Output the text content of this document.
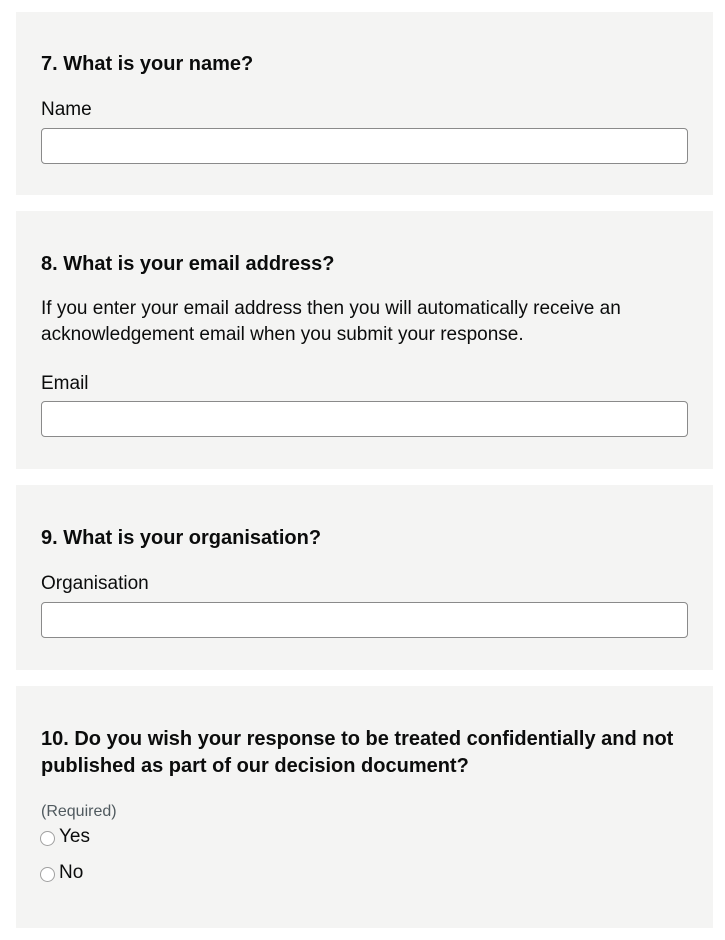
7. What is your name?
Name
8. What is your email address?

If you enter your email address then you will automatically receive an acknowledgement email when you submit your response.

Email
9. What is your organisation?
Organisation
10. Do you wish your response to be treated confidentially and not published as part of our decision document?
(Required)
Yes
No
